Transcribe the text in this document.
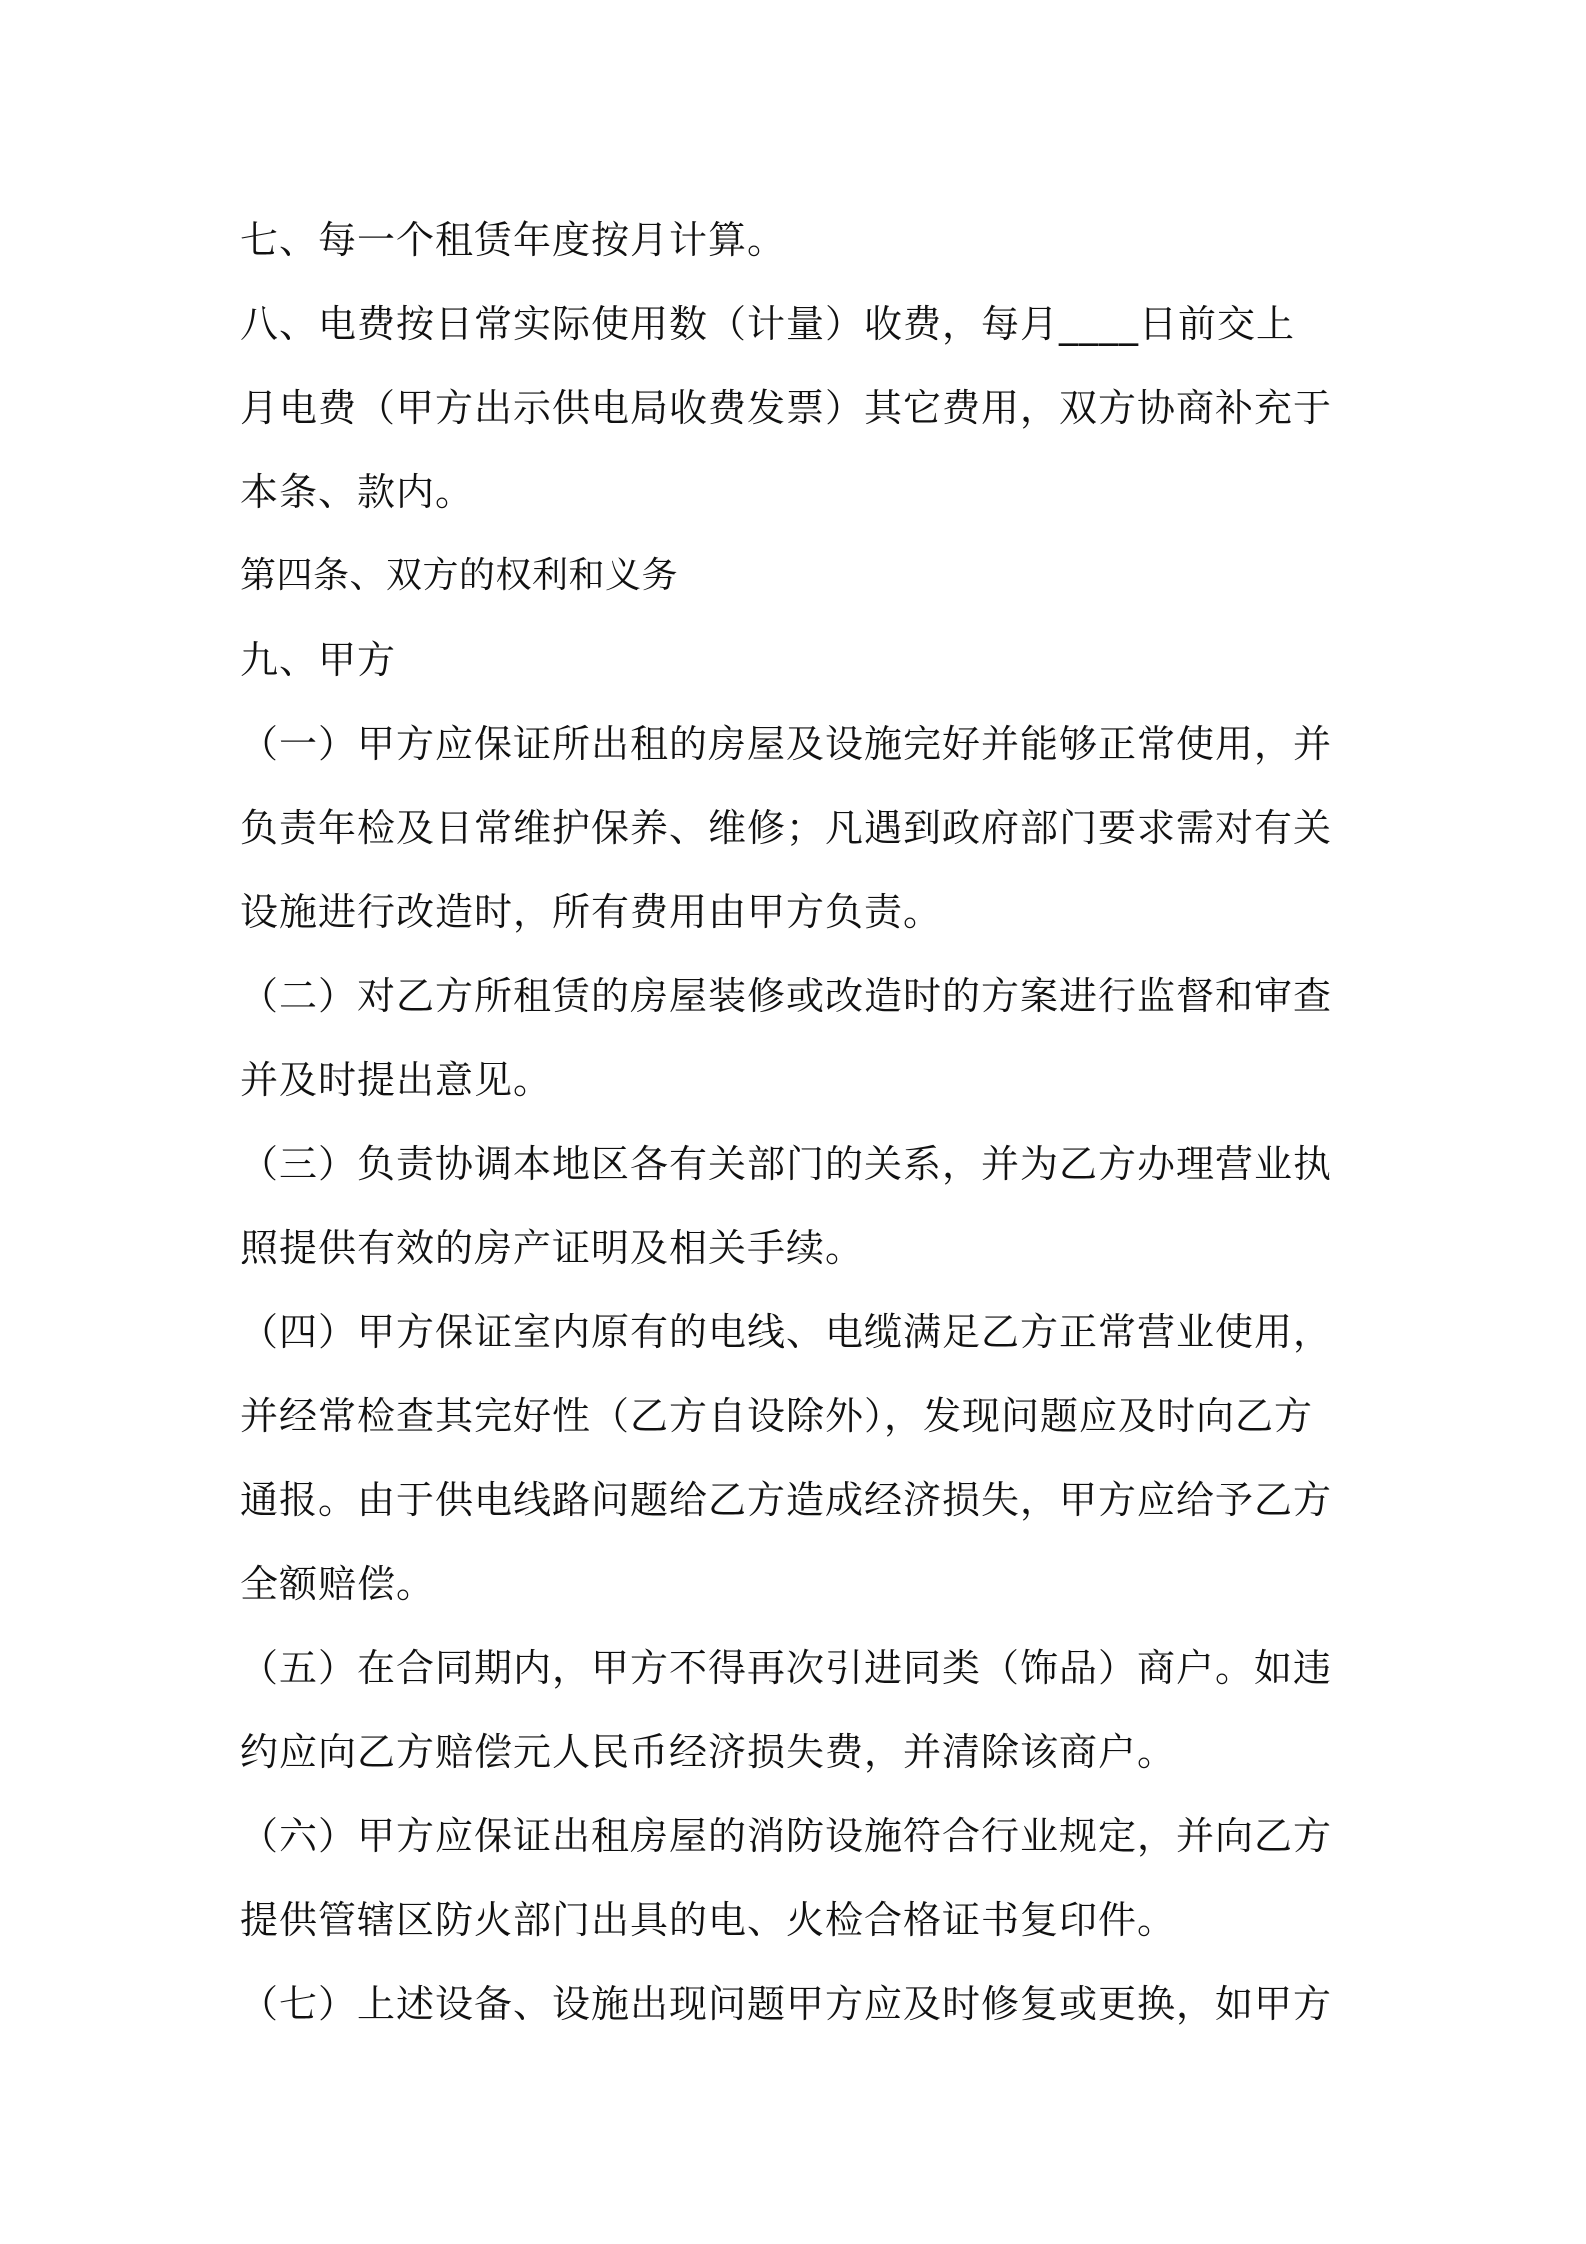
七、每一个租赁年度按月计算。

八、电费按日常实际使用数（计量）收费，每月____日前交上
月电费（甲方出示供电局收费发票）其它费用，双方协商补充于
本条、款内。

第四条、双方的权利和义务

九、甲方

（一）甲方应保证所出租的房屋及设施完好并能够正常使用，并
负责年检及日常维护保养、维修；凡遇到政府部门要求需对有关
设施进行改造时，所有费用由甲方负责。

（二）对乙方所租赁的房屋装修或改造时的方案进行监督和审查
并及时提出意见。

（三）负责协调本地区各有关部门的关系，并为乙方办理营业执
照提供有效的房产证明及相关手续。

（四）甲方保证室内原有的电线、电缆满足乙方正常营业使用，
并经常检查其完好性（乙方自设除外），发现问题应及时向乙方
通报。由于供电线路问题给乙方造成经济损失，甲方应给予乙方
全额赔偿。

（五）在合同期内，甲方不得再次引进同类（饰品）商户。如违
约应向乙方赔偿元人民币经济损失费，并清除该商户。

（六）甲方应保证出租房屋的消防设施符合行业规定，并向乙方
提供管辖区防火部门出具的电、火检合格证书复印件。

（七）上述设备、设施出现问题甲方应及时修复或更换，如甲方
